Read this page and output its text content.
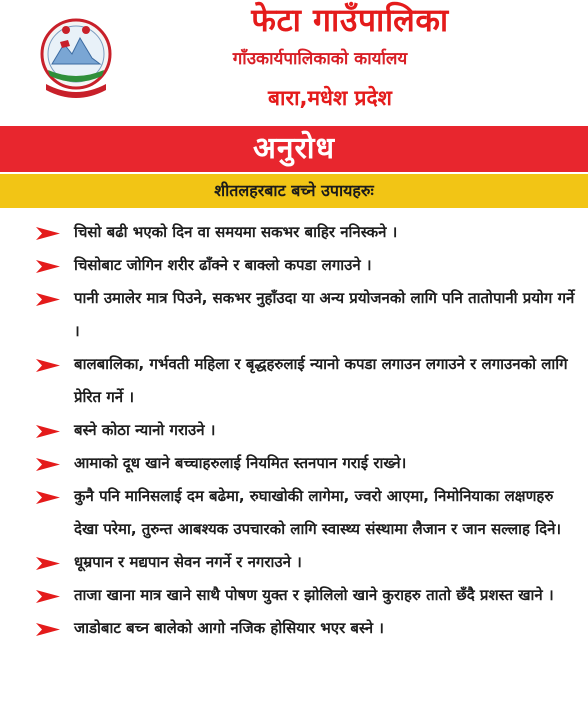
फेटा गाउँपालिका
गाँउकार्यपालिकाको कार्यालय
बारा,मधेश प्रदेश
अनुरोध
शीतलहरबाट बच्ने उपायहरुः
चिसो बढी भएको दिन वा समयमा सकभर बाहिर ननिस्कने ।
चिसोबाट जोगिन शरीर ढाँक्ने र बाक्लो कपडा लगाउने ।
पानी उमालेर मात्र पिउने, सकभर नुहाँउदा या अन्य प्रयोजनको लागि पनि तातोपानी प्रयोग गर्ने ।
बालबालिका, गर्भवती महिला र बृद्धहरुलाई न्यानो कपडा लगाउन लगाउने र लगाउनको लागि प्रेरित गर्ने ।
बस्ने कोठा न्यानो गराउने ।
आमाको दूध खाने बच्चाहरुलाई नियमित स्तनपान गराई राख्ने।
कुनै पनि मानिसलाई दम बढेमा, रुघाखोकी लागेमा, ज्वरो आएमा, निमोनियाका लक्षणहरु देखा परेमा, तुरुन्त आबश्यक उपचारको लागि स्वास्थ्य संस्थामा लैजान र जान सल्लाह दिने।
धूम्रपान र मद्यपान सेवन नगर्ने र नगराउने ।
ताजा खाना मात्र खाने साथै पोषण युक्त र झोलिलो खाने कुराहरु तातो छँदै प्रशस्त खाने ।
जाडोबाट बच्न बालेको आगो नजिक होसियार भएर बस्ने ।
